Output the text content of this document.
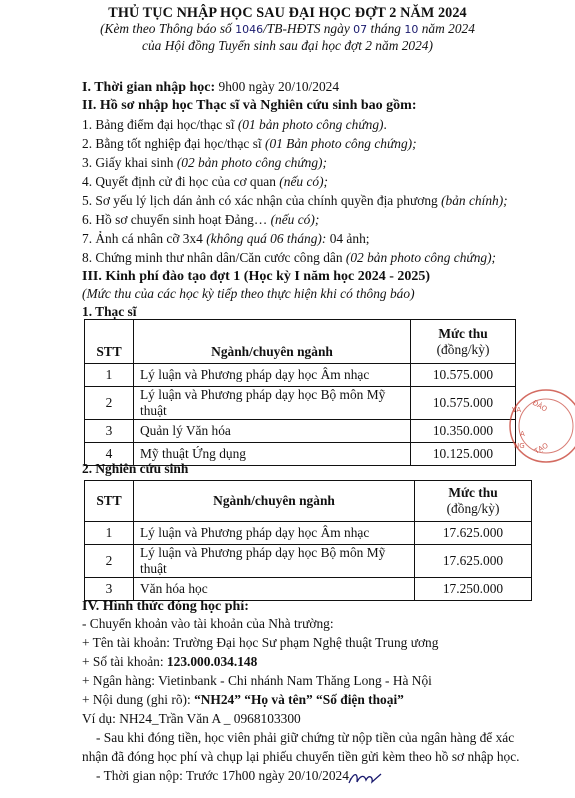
THỦ TỤC NHẬP HỌC SAU ĐẠI HỌC ĐỢT 2 NĂM 2024
(Kèm theo Thông báo số 1046/TB-HĐTS ngày 07 tháng 10 năm 2024
của Hội đồng Tuyển sinh sau đại học đợt 2 năm 2024)
I. Thời gian nhập học: 9h00 ngày 20/10/2024
II. Hồ sơ nhập học Thạc sĩ và Nghiên cứu sinh bao gồm:
1. Bảng điểm đại học/thạc sĩ (01 bản photo công chứng).
2. Bằng tốt nghiệp đại học/thạc sĩ (01 Bản photo công chứng);
3. Giấy khai sinh (02 bản photo công chứng);
4. Quyết định cử đi học của cơ quan (nếu có);
5. Sơ yếu lý lịch dán ảnh có xác nhận của chính quyền địa phương (bản chính);
6. Hồ sơ chuyển sinh hoạt Đảng… (nếu có);
7. Ảnh cá nhân cỡ 3x4 (không quá 06 tháng): 04 ảnh;
8. Chứng minh thư nhân dân/Căn cước công dân (02 bản photo công chứng);
III. Kinh phí đào tạo đợt 1 (Học kỳ I năm học 2024 - 2025)
(Mức thu của các học kỳ tiếp theo thực hiện khi có thông báo)
1. Thạc sĩ
STT	Ngành/chuyên ngành	Mức thu
(đồng/kỳ)

1	Lý luận và Phương pháp dạy học Âm nhạc	10.575.000
2	Lý luận và Phương pháp dạy học Bộ môn Mỹ thuật	10.575.000
3	Quản lý Văn hóa	10.350.000
4	Mỹ thuật Ứng dụng	10.125.000
2. Nghiên cứu sinh
STT	Ngành/chuyên ngành	Mức thu
(đồng/kỳ)

1	Lý luận và Phương pháp dạy học Âm nhạc	17.625.000
2	Lý luận và Phương pháp dạy học Bộ môn Mỹ thuật	17.625.000
3	Văn hóa học	17.250.000
IV. Hình thức đóng học phí:
- Chuyển khoản vào tài khoản của Nhà trường:
+ Tên tài khoản: Trường Đại học Sư phạm Nghệ thuật Trung ương
+ Số tài khoản: 123.000.034.148
+ Ngân hàng: Vietinbank - Chi nhánh Nam Thăng Long - Hà Nội
+ Nội dung (ghi rõ): “NH24” “Họ và tên” “Số điện thoại”
Ví dụ: NH24_Trần Văn A _ 0968103300
- Sau khi đóng tiền, học viên phải giữ chứng từ nộp tiền của ngân hàng để xác
nhận đã đóng học phí và chụp lại phiếu chuyển tiền gửi kèm theo hồ sơ nhập học.
- Thời gian nộp: Trước 17h00 ngày 20/10/2024.
VA ĐÀO
A
NG TẠO
